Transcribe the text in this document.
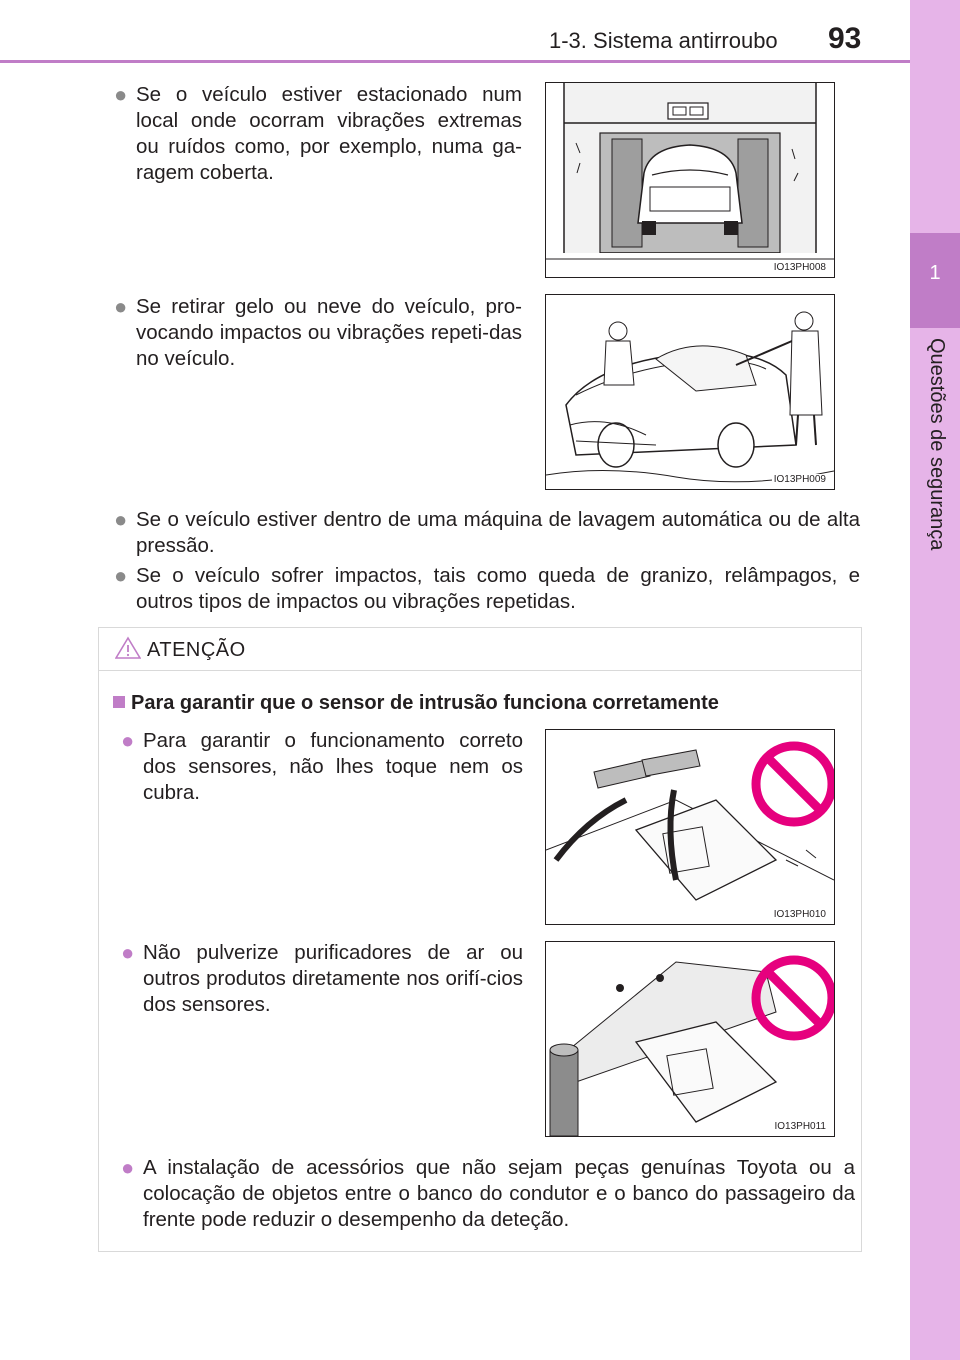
1-3. Sistema antirroubo 93
1
Questões de segurança
● Se o veículo estiver estacionado num local onde ocorram vibrações extremas ou ruídos como, por exemplo, numa ga-ragem coberta.
IO13PH008
● Se retirar gelo ou neve do veículo, pro-vocando impactos ou vibrações repeti-das no veículo.
IO13PH009
● Se o veículo estiver dentro de uma máquina de lavagem automática ou de alta pressão.
● Se o veículo sofrer impactos, tais como queda de granizo, relâmpagos, e outros tipos de impactos ou vibrações repetidas.
ATENÇÃO
Para garantir que o sensor de intrusão funciona corretamente
● Para garantir o funcionamento correto dos sensores, não lhes toque nem os cubra.
IO13PH010
● Não pulverize purificadores de ar ou outros produtos diretamente nos orifí-cios dos sensores.
IO13PH011
● A instalação de acessórios que não sejam peças genuínas Toyota ou a colocação de objetos entre o banco do condutor e o banco do passageiro da frente pode reduzir o desempenho da deteção.
